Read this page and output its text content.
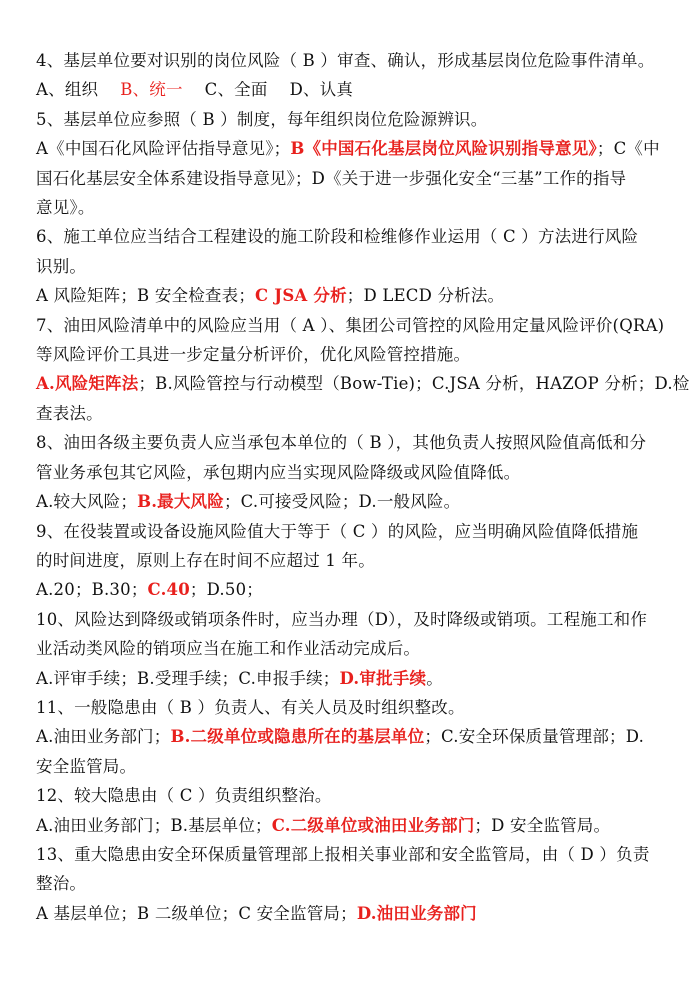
4、基层单位要对识别的岗位风险（ B ）审查、确认，形成基层岗位危险事件清单。
A、组织 B、统一 C、全面 D、认真
5、基层单位应参照（ B ）制度，每年组织岗位危险源辨识。
A《中国石化风险评估指导意见》；B《中国石化基层岗位风险识别指导意见》；C《中
国石化基层安全体系建设指导意见》；D《关于进一步强化安全“三基”工作的指导
意见》。
6、施工单位应当结合工程建设的施工阶段和检维修作业运用（ C ）方法进行风险
识别。
A 风险矩阵；B 安全检查表；C JSA 分析；D LECD 分析法。
7、油田风险清单中的风险应当用（ A ）、集团公司管控的风险用定量风险评价(QRA)
等风险评价工具进一步定量分析评价，优化风险管控措施。
A.风险矩阵法；B.风险管控与行动模型（Bow-Tie)；C.JSA 分析，HAZOP 分析；D.检
查表法。
8、油田各级主要负责人应当承包本单位的（ B ），其他负责人按照风险值高低和分
管业务承包其它风险，承包期内应当实现风险降级或风险值降低。
A.较大风险；B.最大风险；C.可接受风险；D.一般风险。
9、在役装置或设备设施风险值大于等于（ C ）的风险，应当明确风险值降低措施
的时间进度，原则上存在时间不应超过 1 年。
A.20；B.30；C.40；D.50；
10、风险达到降级或销项条件时，应当办理（D），及时降级或销项。工程施工和作
业活动类风险的销项应当在施工和作业活动完成后。
A.评审手续；B.受理手续；C.申报手续；D.审批手续。
11、一般隐患由（ B ）负责人、有关人员及时组织整改。
A.油田业务部门；B.二级单位或隐患所在的基层单位；C.安全环保质量管理部；D.
安全监管局。
12、较大隐患由（ C ）负责组织整治。
A.油田业务部门；B.基层单位；C.二级单位或油田业务部门；D 安全监管局。
13、重大隐患由安全环保质量管理部上报相关事业部和安全监管局，由（ D ）负责
整治。
A 基层单位；B 二级单位；C 安全监管局；D.油田业务部门
